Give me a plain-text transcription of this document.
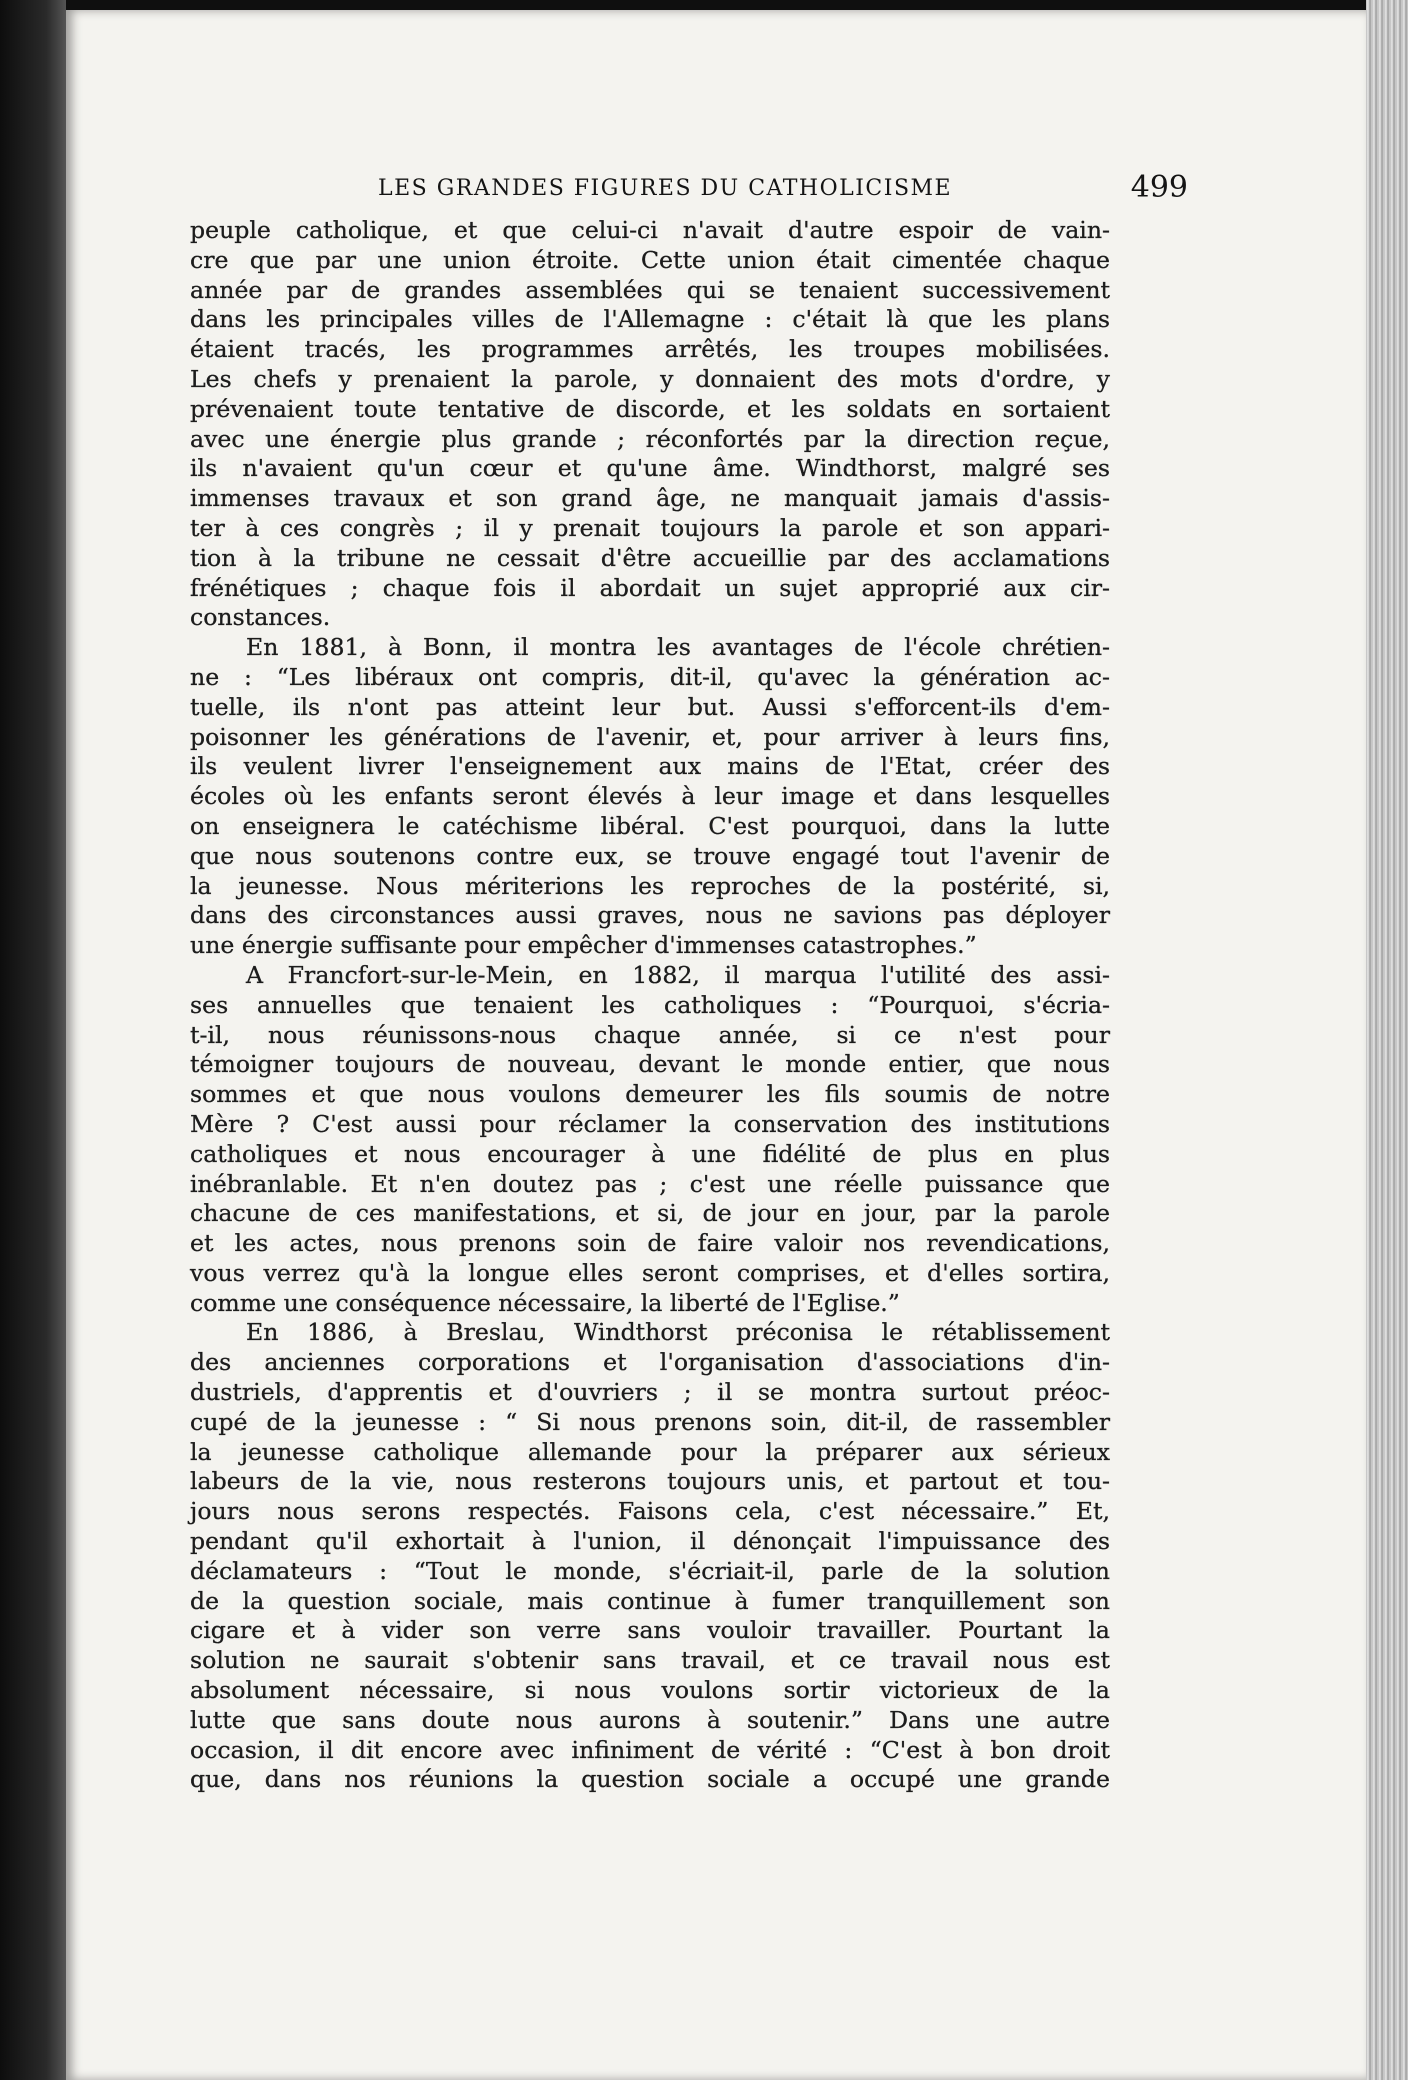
LES GRANDES FIGURES DU CATHOLICISME	499
peuple catholique, et que celui-ci n'avait d'autre espoir de vain-
cre que par une union étroite. Cette union était cimentée chaque
année par de grandes assemblées qui se tenaient successivement
dans les principales villes de l'Allemagne : c'était là que les plans
étaient tracés, les programmes arrêtés, les troupes mobilisées.
Les chefs y prenaient la parole, y donnaient des mots d'ordre, y
prévenaient toute tentative de discorde, et les soldats en sortaient
avec une énergie plus grande ; réconfortés par la direction reçue,
ils n'avaient qu'un cœur et qu'une âme. Windthorst, malgré ses
immenses travaux et son grand âge, ne manquait jamais d'assis-
ter à ces congrès ; il y prenait toujours la parole et son appari-
tion à la tribune ne cessait d'être accueillie par des acclamations
frénétiques ; chaque fois il abordait un sujet approprié aux cir-
constances.
En 1881, à Bonn, il montra les avantages de l'école chrétien-
ne : “Les libéraux ont compris, dit-il, qu'avec la génération ac-
tuelle, ils n'ont pas atteint leur but. Aussi s'efforcent-ils d'em-
poisonner les générations de l'avenir, et, pour arriver à leurs fins,
ils veulent livrer l'enseignement aux mains de l'Etat, créer des
écoles où les enfants seront élevés à leur image et dans lesquelles
on enseignera le catéchisme libéral. C'est pourquoi, dans la lutte
que nous soutenons contre eux, se trouve engagé tout l'avenir de
la jeunesse. Nous mériterions les reproches de la postérité, si,
dans des circonstances aussi graves, nous ne savions pas déployer
une énergie suffisante pour empêcher d'immenses catastrophes.”
A Francfort-sur-le-Mein, en 1882, il marqua l'utilité des assi-
ses annuelles que tenaient les catholiques : “Pourquoi, s'écria-
t-il, nous réunissons-nous chaque année, si ce n'est pour
témoigner toujours de nouveau, devant le monde entier, que nous
sommes et que nous voulons demeurer les fils soumis de notre
Mère ? C'est aussi pour réclamer la conservation des institutions
catholiques et nous encourager à une fidélité de plus en plus
inébranlable. Et n'en doutez pas ; c'est une réelle puissance que
chacune de ces manifestations, et si, de jour en jour, par la parole
et les actes, nous prenons soin de faire valoir nos revendications,
vous verrez qu'à la longue elles seront comprises, et d'elles sortira,
comme une conséquence nécessaire, la liberté de l'Eglise.”
En 1886, à Breslau, Windthorst préconisa le rétablissement
des anciennes corporations et l'organisation d'associations d'in-
dustriels, d'apprentis et d'ouvriers ; il se montra surtout préoc-
cupé de la jeunesse : “ Si nous prenons soin, dit-il, de rassembler
la jeunesse catholique allemande pour la préparer aux sérieux
labeurs de la vie, nous resterons toujours unis, et partout et tou-
jours nous serons respectés. Faisons cela, c'est nécessaire.” Et,
pendant qu'il exhortait à l'union, il dénonçait l'impuissance des
déclamateurs : “Tout le monde, s'écriait-il, parle de la solution
de la question sociale, mais continue à fumer tranquillement son
cigare et à vider son verre sans vouloir travailler. Pourtant la
solution ne saurait s'obtenir sans travail, et ce travail nous est
absolument nécessaire, si nous voulons sortir victorieux de la
lutte que sans doute nous aurons à soutenir.” Dans une autre
occasion, il dit encore avec infiniment de vérité : “C'est à bon droit
que, dans nos réunions la question sociale a occupé une grande
